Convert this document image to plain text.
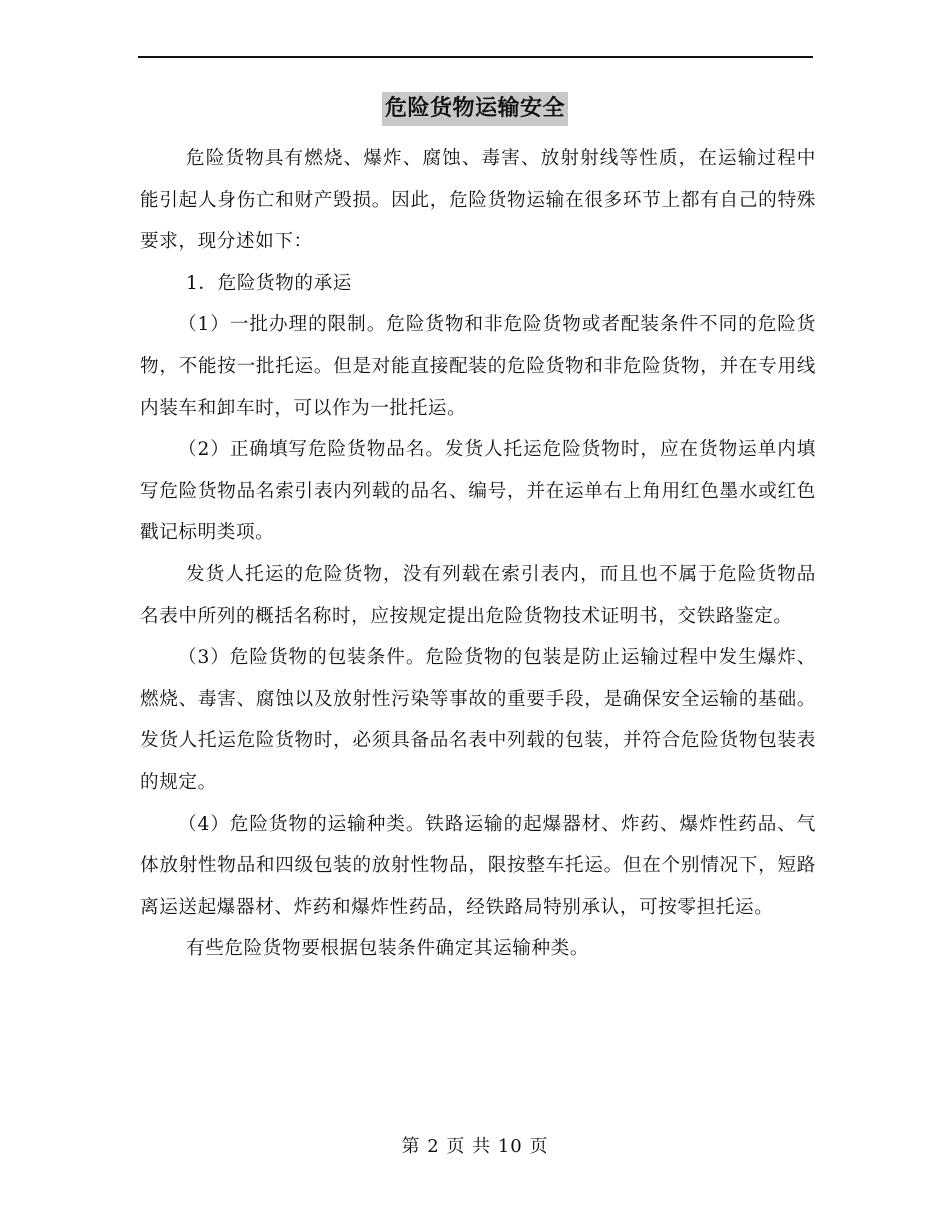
危险货物运输安全

危险货物具有燃烧、爆炸、腐蚀、毒害、放射射线等性质，在运输过程中能引起人身伤亡和财产毁损。因此，危险货物运输在很多环节上都有自己的特殊要求，现分述如下：

1．危险货物的承运

（1）一批办理的限制。危险货物和非危险货物或者配装条件不同的危险货物，不能按一批托运。但是对能直接配装的危险货物和非危险货物，并在专用线内装车和卸车时，可以作为一批托运。

（2）正确填写危险货物品名。发货人托运危险货物时，应在货物运单内填写危险货物品名索引表内列载的品名、编号，并在运单右上角用红色墨水或红色戳记标明类项。

发货人托运的危险货物，没有列载在索引表内，而且也不属于危险货物品名表中所列的概括名称时，应按规定提出危险货物技术证明书，交铁路鉴定。

（3）危险货物的包装条件。危险货物的包装是防止运输过程中发生爆炸、燃烧、毒害、腐蚀以及放射性污染等事故的重要手段，是确保安全运输的基础。发货人托运危险货物时，必须具备品名表中列载的包装，并符合危险货物包装表的规定。

（4）危险货物的运输种类。铁路运输的起爆器材、炸药、爆炸性药品、气体放射性物品和四级包装的放射性物品，限按整车托运。但在个别情况下，短路离运送起爆器材、炸药和爆炸性药品，经铁路局特别承认，可按零担托运。

有些危险货物要根据包装条件确定其运输种类。

第 2 页 共 10 页
